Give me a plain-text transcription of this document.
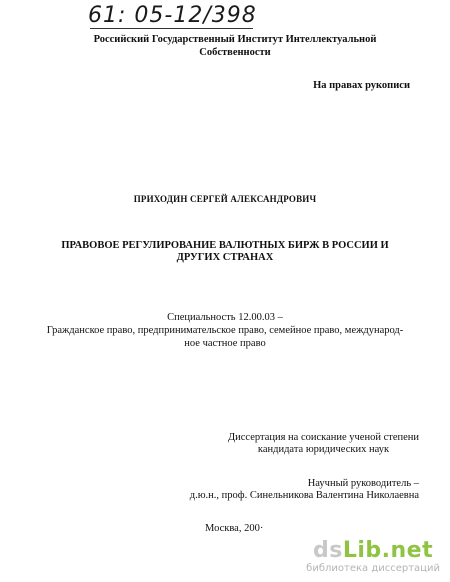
61: 05-12/398
Российский Государственный Институт Интеллектуальной
Собственности
На правах рукописи
ПРИХОДИН СЕРГЕЙ АЛЕКСАНДРОВИЧ
ПРАВОВОЕ РЕГУЛИРОВАНИЕ ВАЛЮТНЫХ БИРЖ В РОССИИ И
ДРУГИХ СТРАНАХ
Специальность 12.00.03 –
Гражданское право, предпринимательское право, семейное право, международ-
ное частное право
Диссертация на соискание ученой степени
кандидата юридических наук
Научный руководитель –
д.ю.н., проф. Синельникова Валентина Николаевна
Москва, 200·
dsLib.net
библиотека диссертаций
